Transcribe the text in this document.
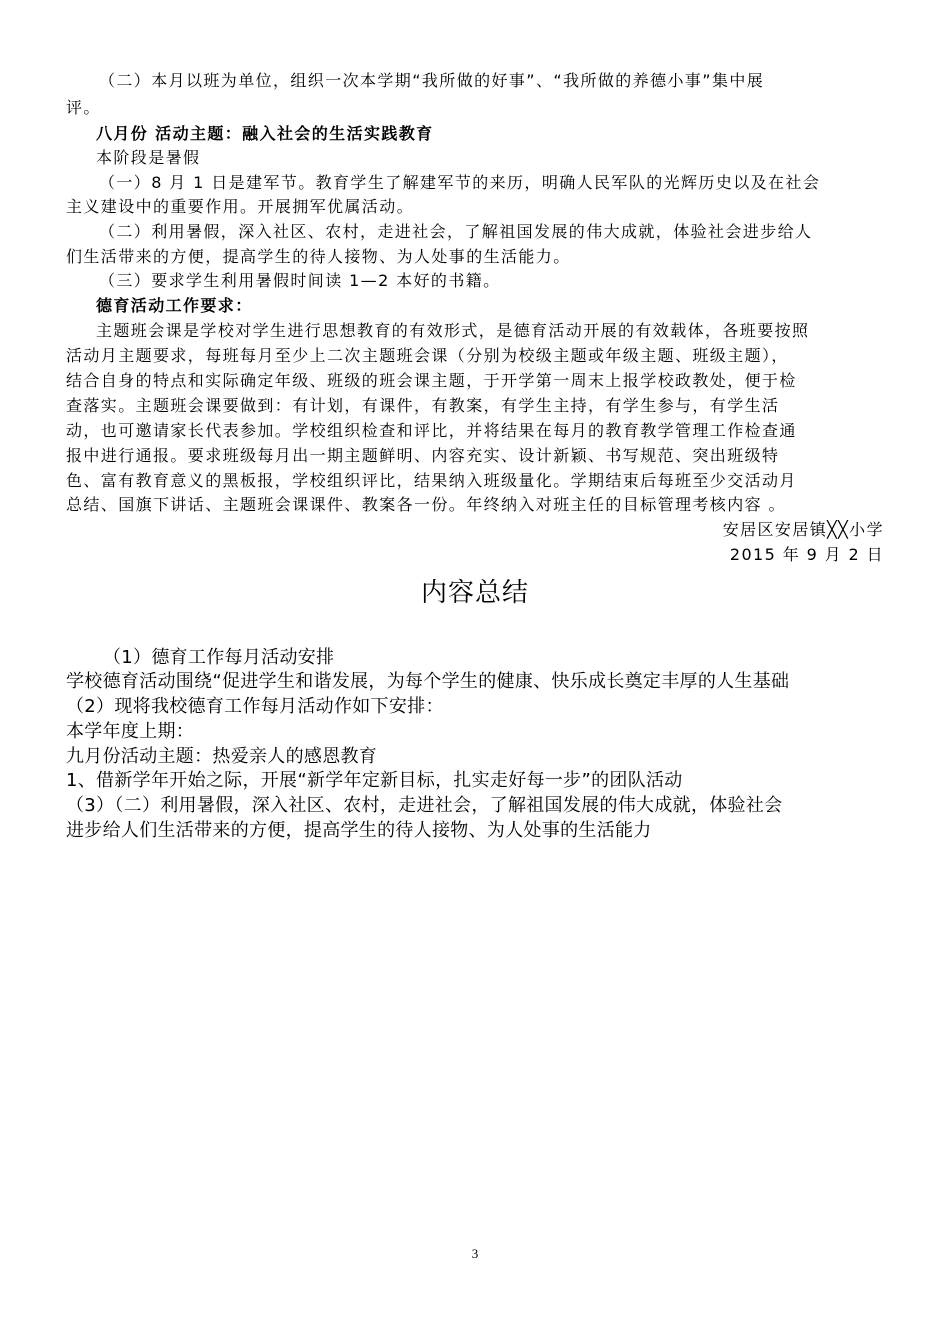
（二）本月以班为单位，组织一次本学期“我所做的好事”、“我所做的养德小事”集中展
评。
八月份 活动主题：融入社会的生活实践教育
本阶段是暑假
（一）8 月 1 日是建军节。教育学生了解建军节的来历，明确人民军队的光辉历史以及在社会
主义建设中的重要作用。开展拥军优属活动。
（二）利用暑假，深入社区、农村，走进社会，了解祖国发展的伟大成就，体验社会进步给人
们生活带来的方便，提高学生的待人接物、为人处事的生活能力。
（三）要求学生利用暑假时间读 1—2 本好的书籍。
德育活动工作要求：
主题班会课是学校对学生进行思想教育的有效形式，是德育活动开展的有效载体，各班要按照
活动月主题要求，每班每月至少上二次主题班会课（分别为校级主题或年级主题、班级主题），
结合自身的特点和实际确定年级、班级的班会课主题，于开学第一周末上报学校政教处，便于检
查落实。主题班会课要做到：有计划，有课件，有教案，有学生主持，有学生参与，有学生活
动，也可邀请家长代表参加。学校组织检查和评比，并将结果在每月的教育教学管理工作检查通
报中进行通报。要求班级每月出一期主题鲜明、内容充实、设计新颖、书写规范、突出班级特
色、富有教育意义的黑板报，学校组织评比，结果纳入班级量化。学期结束后每班至少交活动月
总结、国旗下讲话、主题班会课课件、教案各一份。年终纳入对班主任的目标管理考核内容 。
安居区安居镇╳╳小学
2015 年 9 月 2 日
内容总结
（1）德育工作每月活动安排
学校德育活动围绕“促进学生和谐发展，为每个学生的健康、快乐成长奠定丰厚的人生基础
（2）现将我校德育工作每月活动作如下安排：
本学年度上期：
九月份活动主题：热爱亲人的感恩教育
1、借新学年开始之际，开展“新学年定新目标，扎实走好每一步”的团队活动
（3）（二）利用暑假，深入社区、农村，走进社会，了解祖国发展的伟大成就，体验社会
进步给人们生活带来的方便，提高学生的待人接物、为人处事的生活能力
3
